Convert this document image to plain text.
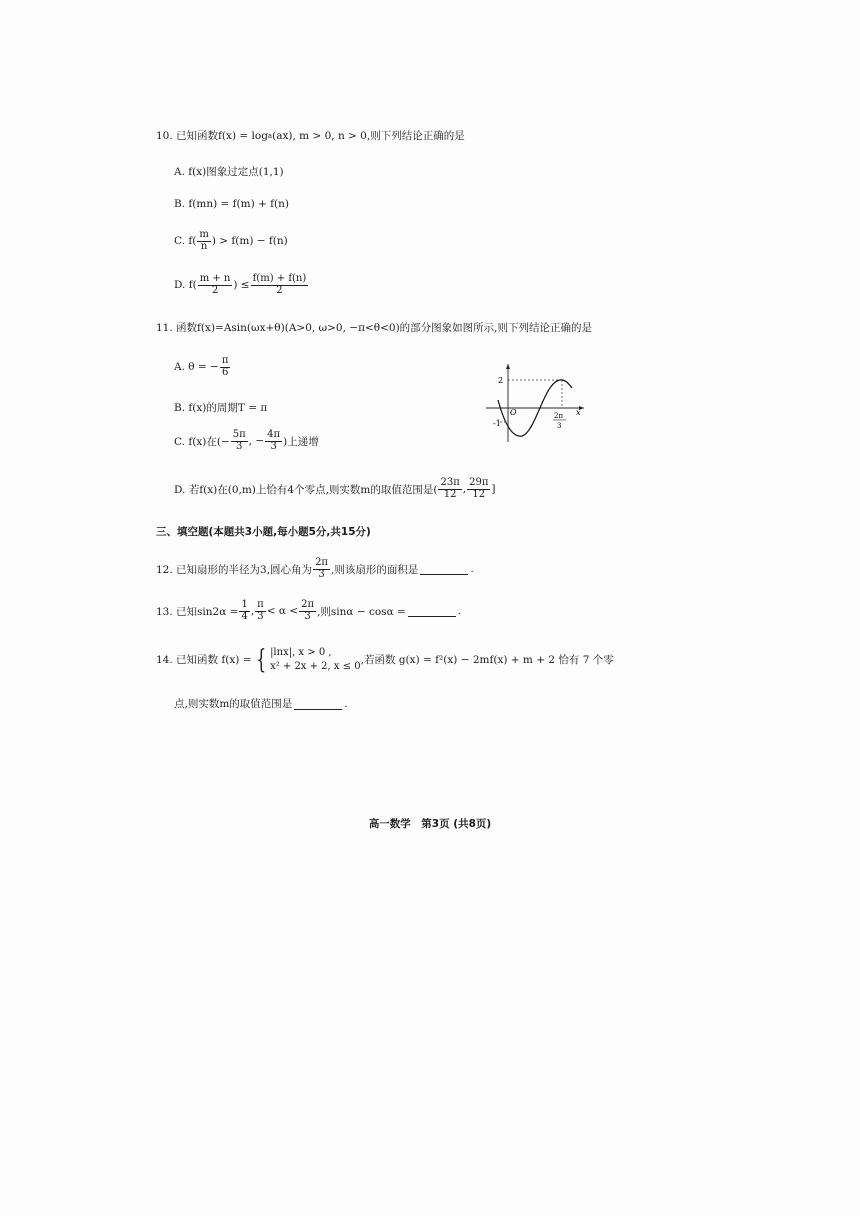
10. 已知函数 f(x) = log a (ax), m > 0, n > 0,则下列结论正确的是
A. f(x)图象过定点(1,1)
B. f(mn) = f(m) + f(n)
C. $f( \frac{m}{n}$ ) > f(m) − f(n)
D. $f( \frac{m + n}{2}$ ) ≤ $\frac{f(m) + f(n)}{2}$
11. 函数f(x)=Asin(ωx+θ)(A>0, ω>0, −π<θ<0)的部分图象如图所示,则下列结论正确的是
A. θ = − $\frac{\pi}{6}$
B. f(x)的周期T = π
C. f(x)在(− $\frac{5\pi}{3}$ , − $\frac{4\pi}{3}$ )上递增
D. 若f(x)在(0,m)上恰有4个零点,则实数m的取值范围是( $\frac{23\pi}{12}$ , $\frac{29\pi}{12}$ ]
2
-1
O	x
2π
3
三、填空题(本题共3小题,每小题5分,共15分)
12. 已知扇形的半径为3,圆心角为 $\frac{2\pi}{3}$ ,则该扇形的面积是	.
13. 已知$\sin 2\alpha = \frac{1}{4}$ , $\frac{\pi}{3} < \alpha < \frac{2\pi}{3}$ ,则sinα − cosα =	.
14. 已知函数 f(x) = { |lnx|, x > 0 ,
x² + 2x + 2, x ≤ 0 ,若函数 g(x) = f²(x) − 2mf(x) + m + 2 恰有 7 个零
点,则实数m的取值范围是	.
高一数学　第3页 (共8页)
